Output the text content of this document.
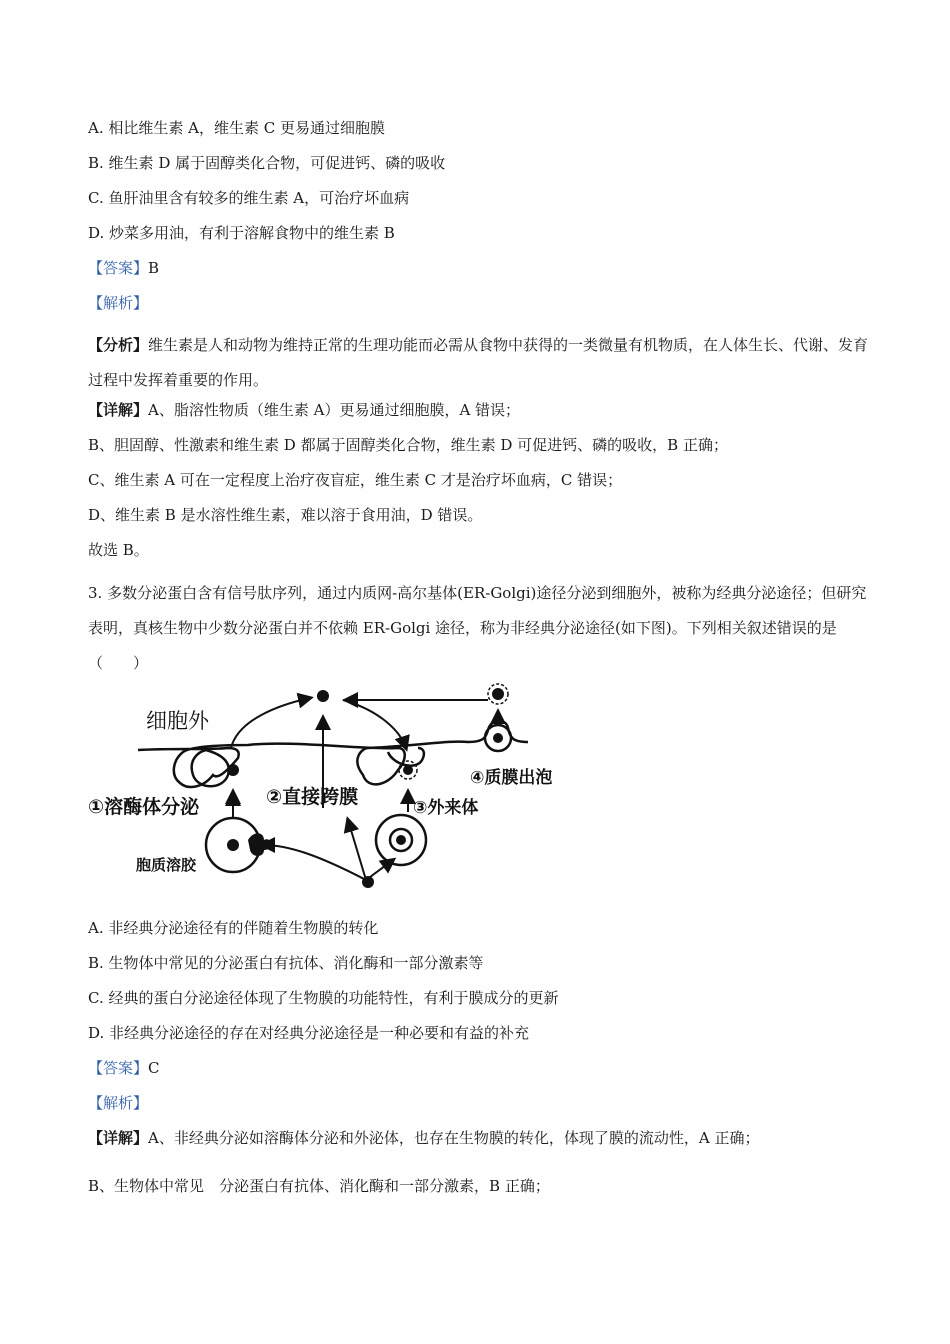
A. 相比维生素 A，维生素 C 更易通过细胞膜
B. 维生素 D 属于固醇类化合物，可促进钙、磷的吸收
C. 鱼肝油里含有较多的维生素 A，可治疗坏血病
D. 炒菜多用油，有利于溶解食物中的维生素 B
【答案】B
【解析】
【分析】维生素是人和动物为维持正常的生理功能而必需从食物中获得的一类微量有机物质，在人体生长、代谢、发育过程中发挥着重要的作用。
【详解】A、脂溶性物质（维生素 A）更易通过细胞膜，A 错误；
B、胆固醇、性激素和维生素 D 都属于固醇类化合物，维生素 D 可促进钙、磷的吸收，B 正确；
C、维生素 A 可在一定程度上治疗夜盲症，维生素 C 才是治疗坏血病，C 错误；
D、维生素 B 是水溶性维生素，难以溶于食用油，D 错误。
故选 B。
3. 多数分泌蛋白含有信号肽序列，通过内质网-高尔基体(ER-Golgi)途径分泌到细胞外，被称为经典分泌途径；但研究表明，真核生物中少数分泌蛋白并不依赖 ER-Golgi 途径，称为非经典分泌途径(如下图)。下列相关叙述错误的是（　　）
细胞外
①溶酶体分泌	②直接跨膜	③外来体
④质膜出泡
胞质溶胶
A. 非经典分泌途径有的伴随着生物膜的转化
B. 生物体中常见的分泌蛋白有抗体、消化酶和一部分激素等
C. 经典的蛋白分泌途径体现了生物膜的功能特性，有利于膜成分的更新
D. 非经典分泌途径的存在对经典分泌途径是一种必要和有益的补充
【答案】C
【解析】
【详解】A、非经典分泌如溶酶体分泌和外泌体，也存在生物膜的转化，体现了膜的流动性，A 正确；
B、生物体中常见　分泌蛋白有抗体、消化酶和一部分激素，B 正确；
